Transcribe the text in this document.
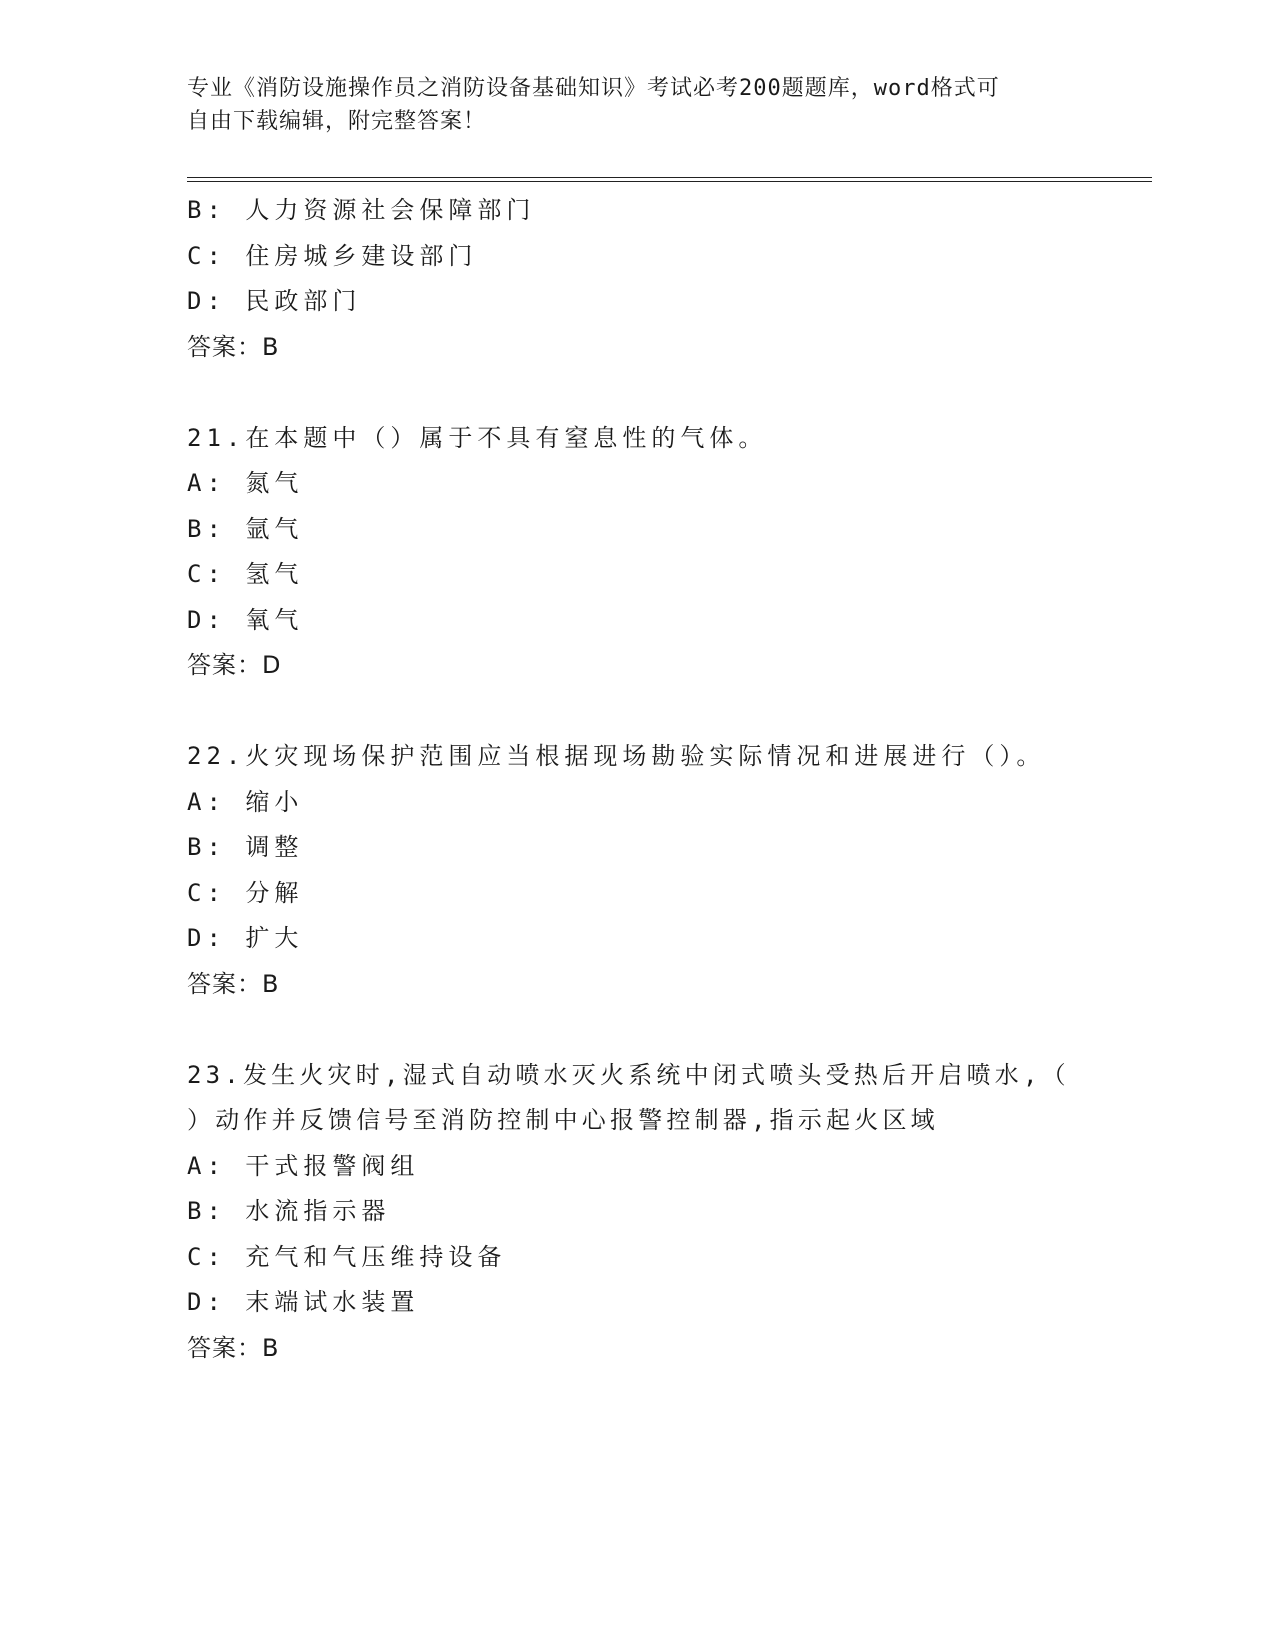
专业《消防设施操作员之消防设备基础知识》考试必考200题题库，word格式可
自由下载编辑，附完整答案！
B: 人力资源社会保障部门
C: 住房城乡建设部门
D: 民政部门
答案：B
21.在本题中（）属于不具有窒息性的气体。
A: 氮气
B: 氩气
C: 氢气
D: 氧气
答案：D
22.火灾现场保护范围应当根据现场勘验实际情况和进展进行（）。
A: 缩小
B: 调整
C: 分解
D: 扩大
答案：B
23.发生火灾时,湿式自动喷水灭火系统中闭式喷头受热后开启喷水,（
）动作并反馈信号至消防控制中心报警控制器,指示起火区域
A: 干式报警阀组
B: 水流指示器
C: 充气和气压维持设备
D: 末端试水装置
答案：B
